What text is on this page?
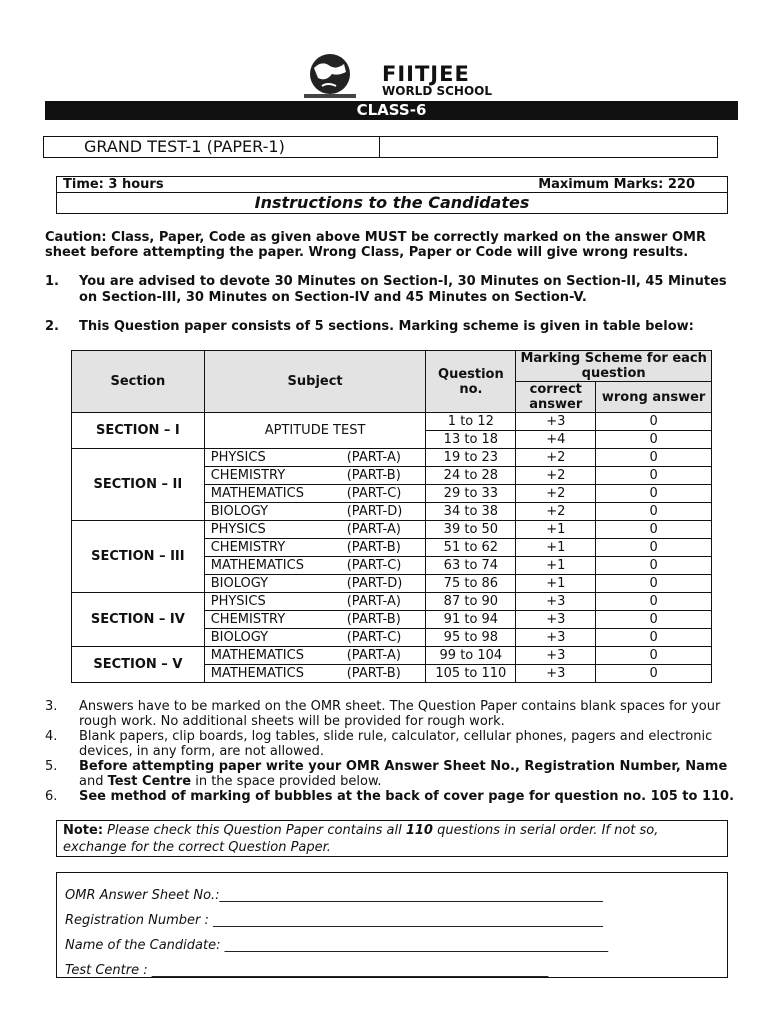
FIITJEE
WORLD SCHOOL
CLASS-6
GRAND TEST-1 (PAPER-1)
Time: 3 hours	Maximum Marks: 220
Instructions to the Candidates
Caution: Class, Paper, Code as given above MUST be correctly marked on the answer OMR sheet before attempting the paper. Wrong Class, Paper or Code will give wrong results.
1. You are advised to devote 30 Minutes on Section-I, 30 Minutes on Section-II, 45 Minutes on Section-III, 30 Minutes on Section-IV and 45 Minutes on Section-V.
2. This Question paper consists of 5 sections. Marking scheme is given in table below:
Section	Subject	Question no.	Marking Scheme for each question	
			correct answer	wrong answer
SECTION – I	APTITUDE TEST	1 to 12	+3	0
		13 to 18	+4	0
SECTION – II	PHYSICS (PART-A)	19 to 23	+2	0
	CHEMISTRY (PART-B)	24 to 28	+2	0
	MATHEMATICS (PART-C)	29 to 33	+2	0
	BIOLOGY (PART-D)	34 to 38	+2	0
SECTION – III	PHYSICS (PART-A)	39 to 50	+1	0
	CHEMISTRY (PART-B)	51 to 62	+1	0
	MATHEMATICS (PART-C)	63 to 74	+1	0
	BIOLOGY (PART-D)	75 to 86	+1	0
SECTION – IV	PHYSICS (PART-A)	87 to 90	+3	0
	CHEMISTRY (PART-B)	91 to 94	+3	0
	BIOLOGY (PART-C)	95 to 98	+3	0
SECTION – V	MATHEMATICS (PART-A)	99 to 104	+3	0
	MATHEMATICS (PART-B)	105 to 110	+3	0
3. Answers have to be marked on the OMR sheet. The Question Paper contains blank spaces for your rough work. No additional sheets will be provided for rough work.
4. Blank papers, clip boards, log tables, slide rule, calculator, cellular phones, pagers and electronic devices, in any form, are not allowed.
5. Before attempting paper write your OMR Answer Sheet No., Registration Number, Name and Test Centre in the space provided below.
6. See method of marking of bubbles at the back of cover page for question no. 105 to 110.
Note: Please check this Question Paper contains all 110 questions in serial order. If not so, exchange for the correct Question Paper.
OMR Answer Sheet No.:___________________________________________________________
Registration Number : ____________________________________________________________
Name of the Candidate: ___________________________________________________________
Test Centre : _____________________________________________________________
